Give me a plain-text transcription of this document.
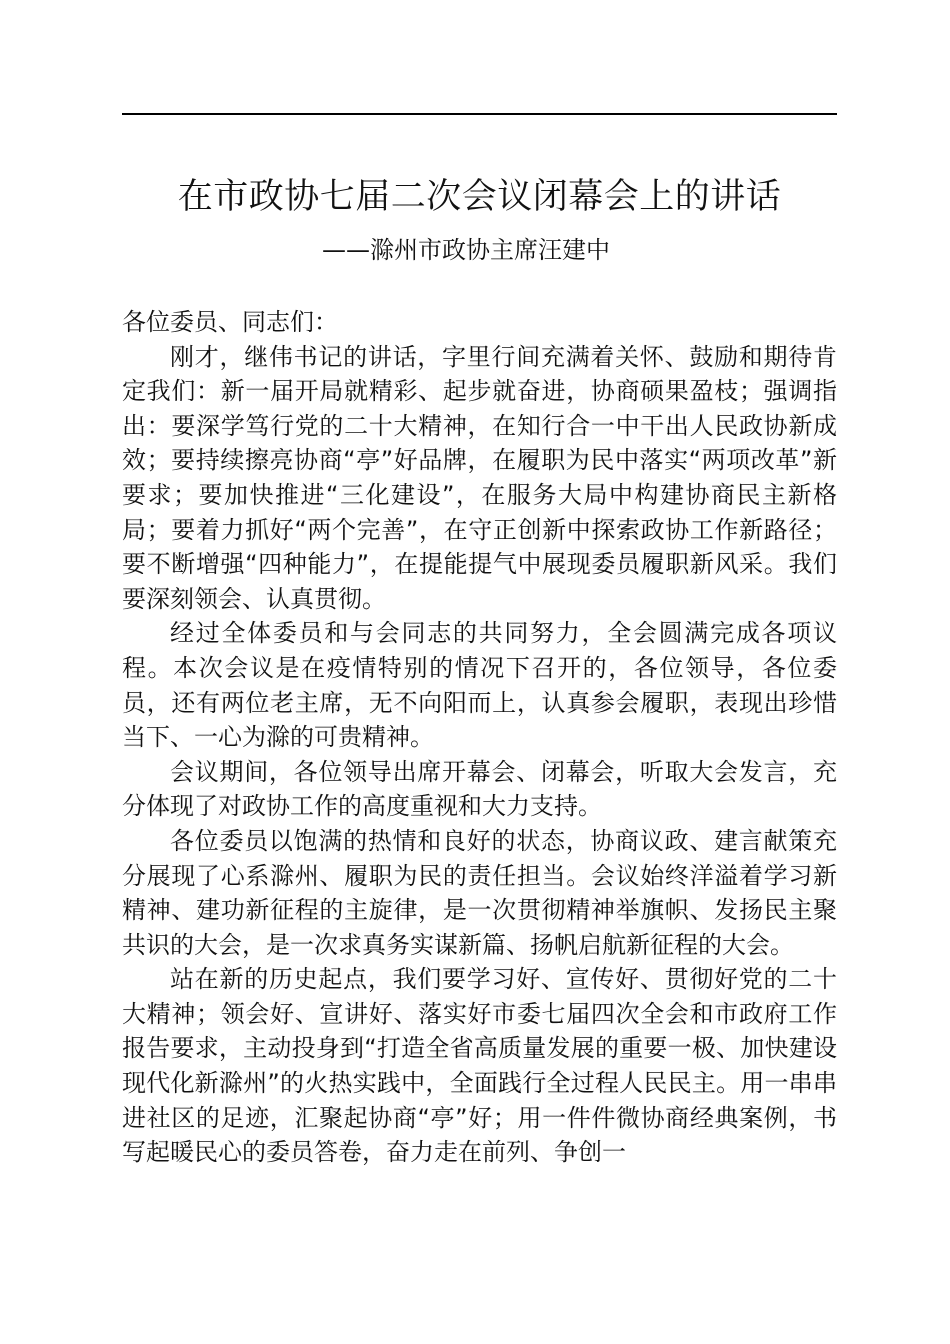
在市政协七届二次会议闭幕会上的讲话
——滁州市政协主席汪建中

各位委员、同志们：

刚才，继伟书记的讲话，字里行间充满着关怀、鼓励和期待肯定我们：新一届开局就精彩、起步就奋进，协商硕果盈枝；强调指出：要深学笃行党的二十大精神，在知行合一中干出人民政协新成效；要持续擦亮协商“亭”好品牌，在履职为民中落实“两项改革”新要求；要加快推进“三化建设”，在服务大局中构建协商民主新格局；要着力抓好“两个完善”，在守正创新中探索政协工作新路径；要不断增强“四种能力”，在提能提气中展现委员履职新风采。我们要深刻领会、认真贯彻。

经过全体委员和与会同志的共同努力，全会圆满完成各项议程。本次会议是在疫情特别的情况下召开的，各位领导，各位委员，还有两位老主席，无不向阳而上，认真参会履职，表现出珍惜当下、一心为滁的可贵精神。

会议期间，各位领导出席开幕会、闭幕会，听取大会发言，充分体现了对政协工作的高度重视和大力支持。

各位委员以饱满的热情和良好的状态，协商议政、建言献策充分展现了心系滁州、履职为民的责任担当。会议始终洋溢着学习新精神、建功新征程的主旋律，是一次贯彻精神举旗帜、发扬民主聚共识的大会，是一次求真务实谋新篇、扬帆启航新征程的大会。

站在新的历史起点，我们要学习好、宣传好、贯彻好党的二十大精神；领会好、宣讲好、落实好市委七届四次全会和市政府工作报告要求，主动投身到“打造全省高质量发展的重要一极、加快建设现代化新滁州”的火热实践中，全面践行全过程人民民主。用一串串进社区的足迹，汇聚起协商“亭”好；用一件件微协商经典案例，书写起暖民心的委员答卷，奋力走在前列、争创一
